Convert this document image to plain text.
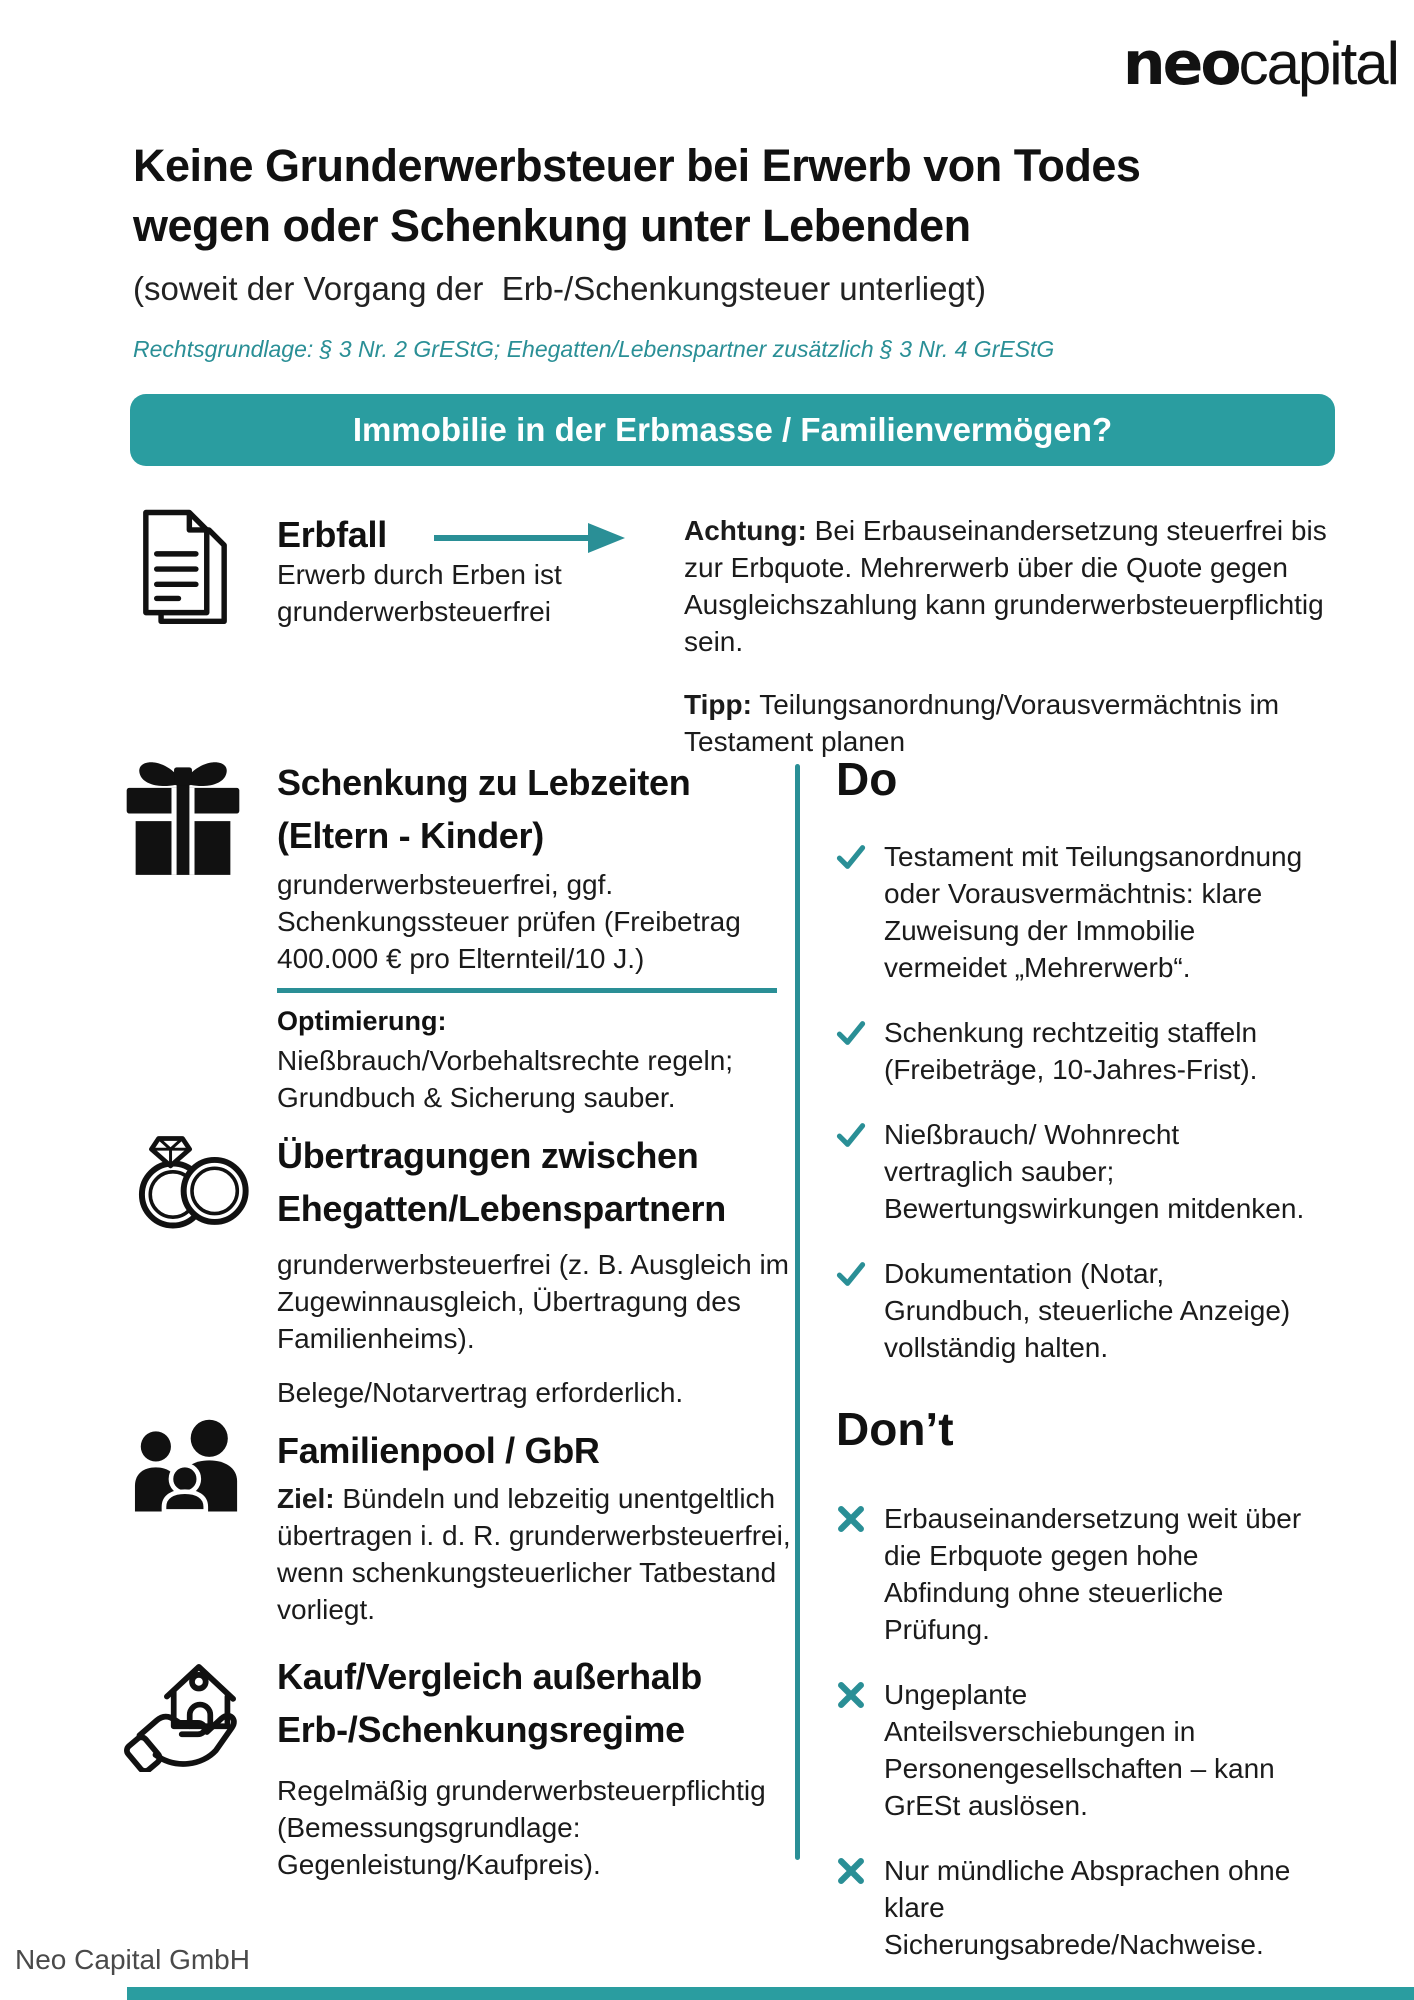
neocapital
Keine Grunderwerbsteuer bei Erwerb von Todes
wegen oder Schenkung unter Lebenden
(soweit der Vorgang der  Erb-/Schenkungsteuer unterliegt)
Rechtsgrundlage: § 3 Nr. 2 GrEStG; Ehegatten/Lebenspartner zusätzlich § 3 Nr. 4 GrEStG
Immobilie in der Erbmasse / Familienvermögen?
Erbfall
Erwerb durch Erben ist grunderwerbsteuerfrei

Achtung: Bei Erbauseinandersetzung steuerfrei bis zur Erbquote. Mehrerwerb über die Quote gegen Ausgleichszahlung kann grunderwerbsteuerpflichtig sein.

Tipp: Teilungsanordnung/Vorausvermächtnis im Testament planen

Schenkung zu Lebzeiten
(Eltern - Kinder)
grunderwerbsteuerfrei, ggf. Schenkungssteuer prüfen (Freibetrag 400.000 € pro Elternteil/10 J.)
Optimierung:
Nießbrauch/Vorbehaltsrechte regeln; Grundbuch & Sicherung sauber.
Übertragungen zwischen
Ehegatten/Lebenspartnern
grunderwerbsteuerfrei (z. B. Ausgleich im Zugewinnausgleich, Übertragung des Familienheims).
Belege/Notarvertrag erforderlich.
Familienpool / GbR
Ziel: Bündeln und lebzeitig unentgeltlich übertragen i. d. R. grunderwerbsteuerfrei, wenn schenkungsteuerlicher Tatbestand vorliegt.
Kauf/Vergleich außerhalb
Erb-/Schenkungsregime
Regelmäßig grunderwerbsteuerpflichtig (Bemessungsgrundlage: Gegenleistung/Kaufpreis).
Do
Testament mit Teilungsanordnung oder Vorausvermächtnis: klare Zuweisung der Immobilie vermeidet „Mehrerwerb“.
Schenkung rechtzeitig staffeln (Freibeträge, 10-Jahres-Frist).
Nießbrauch/ Wohnrecht vertraglich sauber; Bewertungswirkungen mitdenken.
Dokumentation (Notar, Grundbuch, steuerliche Anzeige) vollständig halten.
Don’t
Erbauseinandersetzung weit über die Erbquote gegen hohe Abfindung ohne steuerliche Prüfung.
Ungeplante Anteilsverschiebungen in Personengesellschaften – kann GrESt auslösen.
Nur mündliche Absprachen ohne klare Sicherungsabrede/Nachweise.
Neo Capital GmbH
